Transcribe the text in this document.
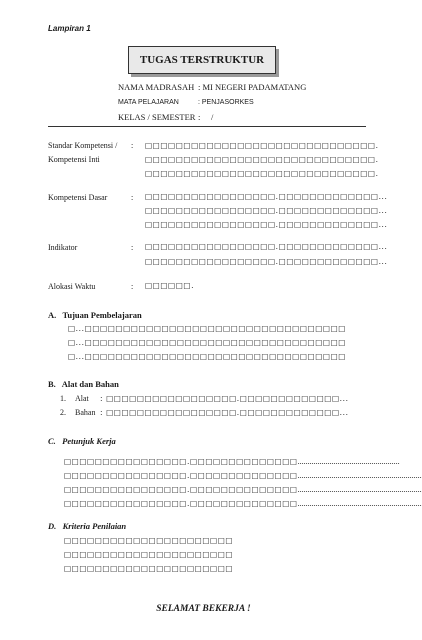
Lampiran 1
TUGAS TERSTRUKTUR
NAMA MADRASAH : MI NEGERI PADAMATANG
MATA PELAJARAN	: PENJASORKES
KELAS / SEMESTER :     /
Standar Kompetensi /
Kompetensi Inti
: □□□□□□□□□□□□□□□□□□□□□□□□□□□□□□.
□□□□□□□□□□□□□□□□□□□□□□□□□□□□□□.
□□□□□□□□□□□□□□□□□□□□□□□□□□□□□□.
Kompetensi Dasar	: □□□□□□□□□□□□□□□□□.□□□□□□□□□□□□□...
□□□□□□□□□□□□□□□□□.□□□□□□□□□□□□□...
□□□□□□□□□□□□□□□□□.□□□□□□□□□□□□□...
Indikator	: □□□□□□□□□□□□□□□□□.□□□□□□□□□□□□□...
□□□□□□□□□□□□□□□□□.□□□□□□□□□□□□□...
Alokasi Waktu	: □□□□□□.
A.   Tujuan Pembelajaran
□...□□□□□□□□□□□□□□□□□□□□□□□□□□□□□□□□□□
□...□□□□□□□□□□□□□□□□□□□□□□□□□□□□□□□□□□
□...□□□□□□□□□□□□□□□□□□□□□□□□□□□□□□□□□□
B.   Alat dan Bahan
1. Alat : □□□□□□□□□□□□□□□□□.□□□□□□□□□□□□□...
2. Bahan : □□□□□□□□□□□□□□□□□.□□□□□□□□□□□□□...
C.   Petunjuk Kerja
□□□□□□□□□□□□□□□□.□□□□□□□□□□□□□□...................................................
□□□□□□□□□□□□□□□□.□□□□□□□□□□□□□□..............................................................
□□□□□□□□□□□□□□□□.□□□□□□□□□□□□□□..............................................................
□□□□□□□□□□□□□□□□.□□□□□□□□□□□□□□..............................................................
D.   Kriteria Penilaian
□□□□□□□□□□□□□□□□□□□□□□
□□□□□□□□□□□□□□□□□□□□□□
□□□□□□□□□□□□□□□□□□□□□□
SELAMAT BEKERJA !
